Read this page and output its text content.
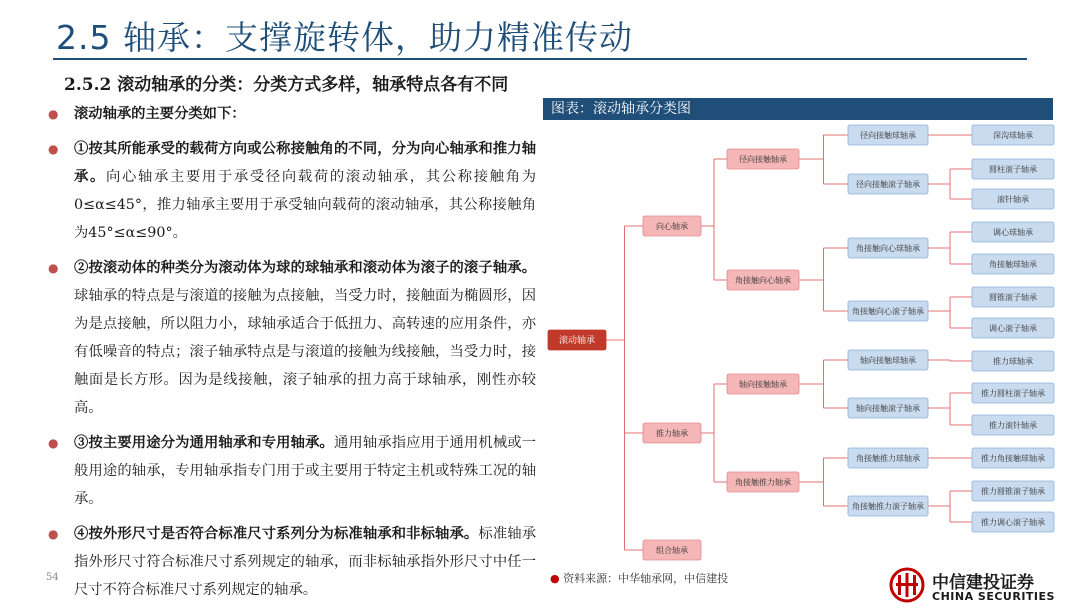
2.5 轴承：支撑旋转体，助力精准传动
2.5.2 滚动轴承的分类：分类方式多样，轴承特点各有不同
● 滚动轴承的主要分类如下：
● ①按其所能承受的载荷方向或公称接触角的不同，分为向心轴承和推力轴承。向心轴承主要用于承受径向载荷的滚动轴承，其公称接触角为0≤α≤45°，推力轴承主要用于承受轴向载荷的滚动轴承，其公称接触角为45°≤α≤90°。
● ②按滚动体的种类分为滚动体为球的球轴承和滚动体为滚子的滚子轴承。球轴承的特点是与滚道的接触为点接触，当受力时，接触面为椭圆形，因为是点接触，所以阻力小，球轴承适合于低扭力、高转速的应用条件，亦有低噪音的特点；滚子轴承特点是与滚道的接触为线接触，当受力时，接触面是长方形。因为是线接触，滚子轴承的扭力高于球轴承，刚性亦较高。
● ③按主要用途分为通用轴承和专用轴承。通用轴承指应用于通用机械或一般用途的轴承，专用轴承指专门用于或主要用于特定主机或特殊工况的轴承。
● ④按外形尺寸是否符合标准尺寸系列分为标准轴承和非标轴承。标准轴承指外形尺寸符合标准尺寸系列规定的轴承，而非标轴承指外形尺寸中任一尺寸不符合标准尺寸系列规定的轴承。
54
图表：滚动轴承分类图
滚动轴承
向心轴承
推力轴承
组合轴承
径向接触轴承
角接触向心轴承
轴向接触轴承
角接触推力轴承
径向接触球轴承
径向接触滚子轴承
角接触向心球轴承
角接触向心滚子轴承
轴向接触球轴承
轴向接触滚子轴承
角接触推力球轴承
角接触推力滚子轴承
深沟球轴承
圆柱滚子轴承
滚针轴承
调心球轴承
角接触球轴承
圆锥滚子轴承
调心滚子轴承
推力球轴承
推力圆柱滚子轴承
推力滚针轴承
推力角接触球轴承
推力圆锥滚子轴承
推力调心滚子轴承
● 资料来源：中华轴承网，中信建投	中信建投证券
CHINA SECURITIES
